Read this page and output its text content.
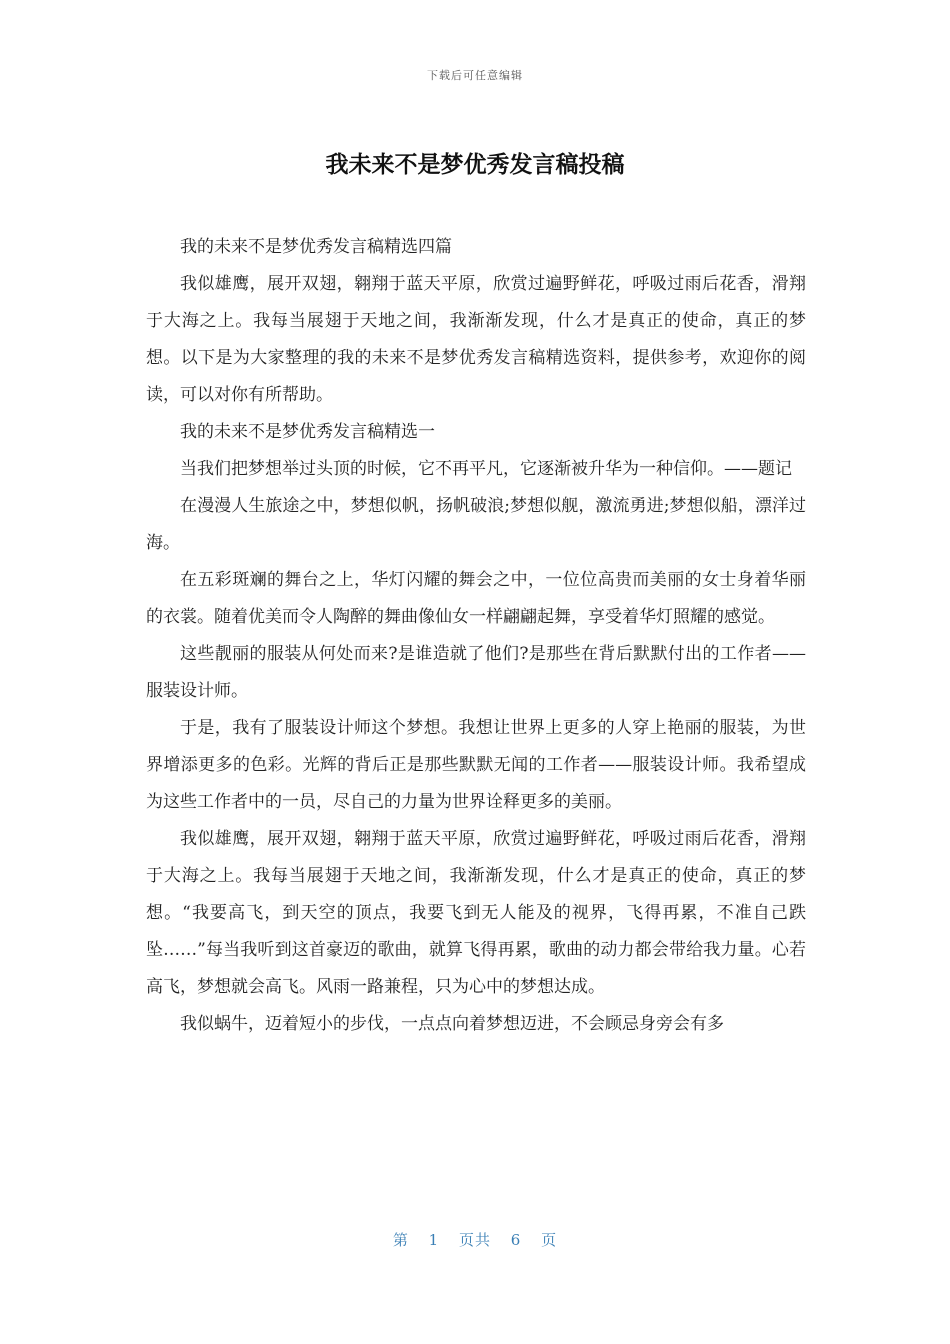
下载后可任意编辑
我未来不是梦优秀发言稿投稿

我的未来不是梦优秀发言稿精选四篇

我似雄鹰，展开双翅，翱翔于蓝天平原，欣赏过遍野鲜花，呼吸过雨后花香，滑翔于大海之上。我每当展翅于天地之间，我渐渐发现，什么才是真正的使命，真正的梦想。以下是为大家整理的我的未来不是梦优秀发言稿精选资料，提供参考，欢迎你的阅读，可以对你有所帮助。

我的未来不是梦优秀发言稿精选一

当我们把梦想举过头顶的时候，它不再平凡，它逐渐被升华为一种信仰。——题记

在漫漫人生旅途之中，梦想似帆，扬帆破浪;梦想似舰，激流勇进;梦想似船，漂洋过海。

在五彩斑斓的舞台之上，华灯闪耀的舞会之中，一位位高贵而美丽的女士身着华丽的衣裳。随着优美而令人陶醉的舞曲像仙女一样翩翩起舞，享受着华灯照耀的感觉。

这些靓丽的服装从何处而来?是谁造就了他们?是那些在背后默默付出的工作者——服装设计师。

于是，我有了服装设计师这个梦想。我想让世界上更多的人穿上艳丽的服装，为世界增添更多的色彩。光辉的背后正是那些默默无闻的工作者——服装设计师。我希望成为这些工作者中的一员，尽自己的力量为世界诠释更多的美丽。

我似雄鹰，展开双翅，翱翔于蓝天平原，欣赏过遍野鲜花，呼吸过雨后花香，滑翔于大海之上。我每当展翅于天地之间，我渐渐发现，什么才是真正的使命，真正的梦想。“我要高飞，到天空的顶点，我要飞到无人能及的视界，飞得再累，不准自己跌坠……”每当我听到这首豪迈的歌曲，就算飞得再累，歌曲的动力都会带给我力量。心若高飞，梦想就会高飞。风雨一路兼程，只为心中的梦想达成。

我似蜗牛，迈着短小的步伐，一点点向着梦想迈进，不会顾忌身旁会有多

第 1 页共 6 页
